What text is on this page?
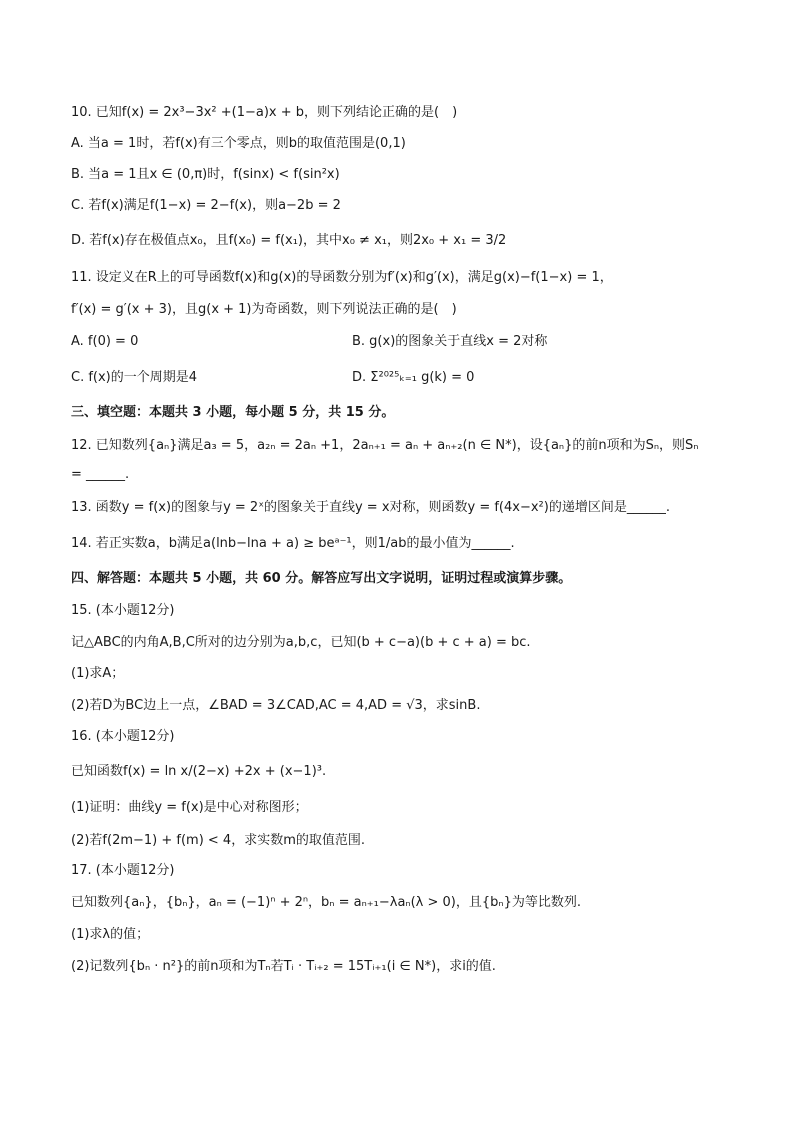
10. 已知f(x) = 2x³−3x² +(1−a)x + b，则下列结论正确的是(　)
A. 当a = 1时，若f(x)有三个零点，则b的取值范围是(0,1)
B. 当a = 1且x ∈ (0,π)时，f(sinx) < f(sin²x)
C. 若f(x)满足f(1−x) = 2−f(x)，则a−2b = 2
D. 若f(x)存在极值点x₀，且f(x₀) = f(x₁)，其中x₀ ≠ x₁，则2x₀ + x₁ = 3/2
11. 设定义在R上的可导函数f(x)和g(x)的导函数分别为f′(x)和g′(x)，满足g(x)−f(1−x) = 1，
f′(x) = g′(x + 3)，且g(x + 1)为奇函数，则下列说法正确的是(　)
A. f(0) = 0	B. g(x)的图象关于直线x = 2对称
C. f(x)的一个周期是4	D. Σ²⁰²⁵ₖ₌₁ g(k) = 0
三、填空题：本题共 3 小题，每小题 5 分，共 15 分。
12. 已知数列{aₙ}满足a₃ = 5，a₂ₙ = 2aₙ +1，2aₙ₊₁ = aₙ + aₙ₊₂(n ∈ N*)，设{aₙ}的前n项和为Sₙ，则Sₙ
= ______.
13. 函数y = f(x)的图象与y = 2ˣ的图象关于直线y = x对称，则函数y = f(4x−x²)的递增区间是______.
14. 若正实数a，b满足a(lnb−lna + a) ≥ beᵃ⁻¹，则1/ab的最小值为______.
四、解答题：本题共 5 小题，共 60 分。解答应写出文字说明，证明过程或演算步骤。
15. (本小题12分)
记△ABC的内角A,B,C所对的边分别为a,b,c，已知(b + c−a)(b + c + a) = bc.
(1)求A；
(2)若D为BC边上一点，∠BAD = 3∠CAD,AC = 4,AD = √3，求sinB.
16. (本小题12分)
已知函数f(x) = ln x/(2−x) +2x + (x−1)³.
(1)证明：曲线y = f(x)是中心对称图形；
(2)若f(2m−1) + f(m) < 4，求实数m的取值范围.
17. (本小题12分)
已知数列{aₙ}，{bₙ}，aₙ = (−1)ⁿ + 2ⁿ，bₙ = aₙ₊₁−λaₙ(λ > 0)，且{bₙ}为等比数列.
(1)求λ的值；
(2)记数列{bₙ · n²}的前n项和为Tₙ若Tᵢ · Tᵢ₊₂ = 15Tᵢ₊₁(i ∈ N*)，求i的值.
